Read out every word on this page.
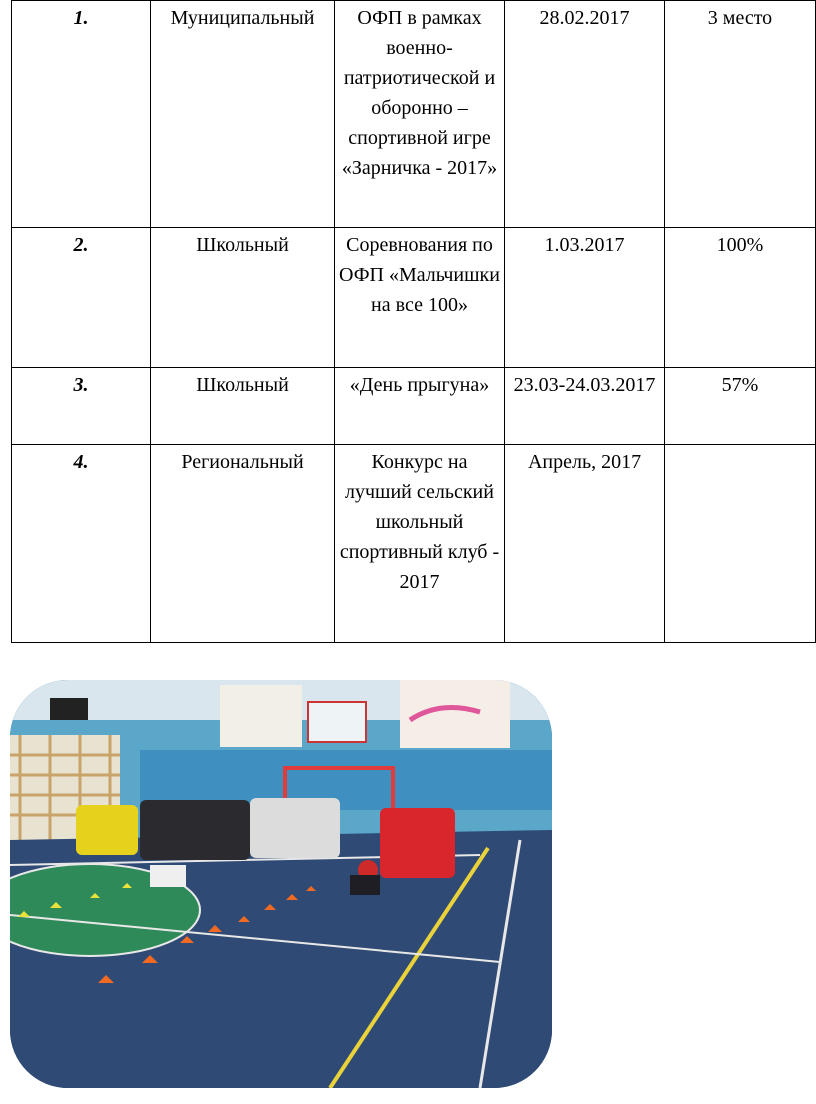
1.	Муниципальный	ОФП в рамках военно-патриотической и оборонно – спортивной игре «Зарничка - 2017»	28.02.2017	3 место
2.	Школьный	Соревнования по ОФП «Мальчишки на все 100»	1.03.2017	100%
3.	Школьный	«День прыгуна»	23.03-24.03.2017	57%
4.	Региональный	Конкурс на лучший сельский школьный спортивный клуб - 2017	Апрель, 2017	
